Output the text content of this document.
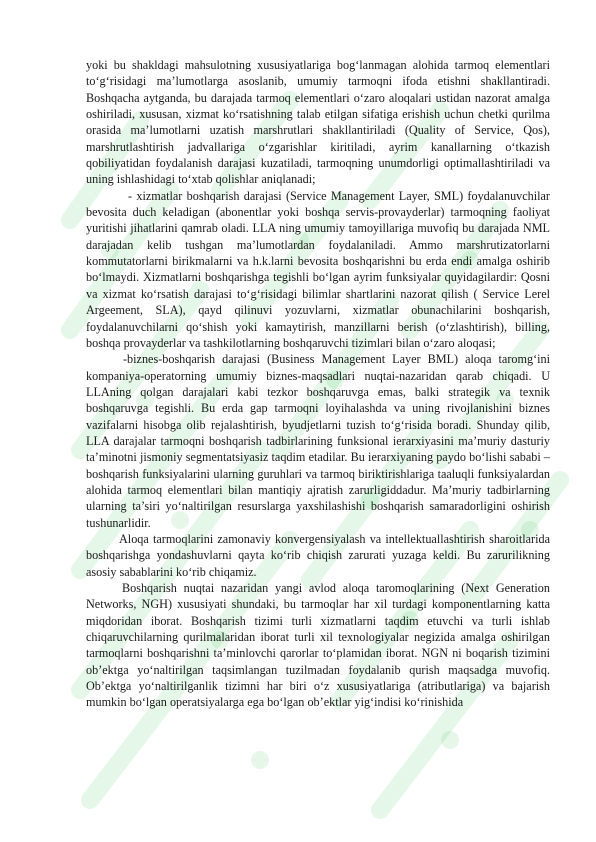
yoki bu shakldagi mahsulotning xususiyatlariga bog‘lanmagan alohida tarmoq elementlari to‘g‘risidagi ma’lumotlarga asoslanib, umumiy tarmoqni ifoda etishni shakllantiradi. Boshqacha aytganda, bu darajada tarmoq elementlari o‘zaro aloqalari ustidan nazorat amalga oshiriladi, xususan, xizmat ko‘rsatishning talab etilgan sifatiga erishish uchun chetki qurilma orasida ma’lumotlarni uzatish marshrutlari shakllantiriladi (Quality of Service, Qos), marshrutlashtirish jadvallariga o‘zgarishlar kiritiladi, ayrim kanallarning o‘tkazish qobiliyatidan foydalanish darajasi kuzatiladi, tarmoqning unumdorligi optimallashtiriladi va uning ishlashidagi to‘xtab qolishlar aniqlanadi;

- xizmatlar boshqarish darajasi (Service Management Layer, SML) foydalanuvchilar bevosita duch keladigan (abonentlar yoki boshqa servis-provayderlar) tarmoqning faoliyat yuritishi jihatlarini qamrab oladi. LLA ning umumiy tamoyillariga muvofiq bu darajada NML darajadan kelib tushgan ma’lumotlardan foydalaniladi. Ammo marshrutizatorlarni kommutatorlarni birikmalarni va h.k.larni bevosita boshqarishni bu erda endi amalga oshirib bo‘lmaydi. Xizmatlarni boshqarishga tegishli bo‘lgan ayrim funksiyalar quyidagilardir: Qosni va xizmat ko‘rsatish darajasi to‘g‘risidagi bilimlar shartlarini nazorat qilish ( Service Lerel Argeement, SLA), qayd qilinuvi yozuvlarni, xizmatlar obunachilarini boshqarish, foydalanuvchilarni qo‘shish yoki kamaytirish, manzillarni berish (o‘zlashtirish), billing, boshqa provayderlar va tashkilotlarning boshqaruvchi tizimlari bilan o‘zaro aloqasi;

-biznes-boshqarish darajasi (Business Management Layer BML) aloqa taromg‘ini kompaniya-operatorning umumiy biznes-maqsadlari nuqtai-nazaridan qarab chiqadi. U LLAning qolgan darajalari kabi tezkor boshqaruvga emas, balki strategik va texnik boshqaruvga tegishli. Bu erda gap tarmoqni loyihalashda va uning rivojlanishini biznes vazifalarni hisobga olib rejalashtirish, byudjetlarni tuzish to‘g‘risida boradi. Shunday qilib, LLA darajalar tarmoqni boshqarish tadbirlarining funksional ierarxiyasini ma’muriy dasturiy ta’minotni jismoniy segmentatsiyasiz taqdim etadilar. Bu ierarxiyaning paydo bo‘lishi sababi – boshqarish funksiyalarini ularning guruhlari va tarmoq biriktirishlariga taaluqli funksiyalardan alohida tarmoq elementlari bilan mantiqiy ajratish zarurligiddadur. Ma’muriy tadbirlarning ularning ta’siri yo‘naltirilgan resurslarga yaxshilashishi boshqarish samaradorligini oshirish tushunarlidir.

Aloqa tarmoqlarini zamonaviy konvergensiyalash va intellektuallashtirish sharoitlarida boshqarishga yondashuvlarni qayta ko‘rib chiqish zarurati yuzaga keldi. Bu zarurilikning asosiy sabablarini ko‘rib chiqamiz.

Boshqarish nuqtai nazaridan yangi avlod aloqa taromoqlarining (Next Generation Networks, NGH) xususiyati shundaki, bu tarmoqlar har xil turdagi komponentlarning katta miqdoridan iborat. Boshqarish tizimi turli xizmatlarni taqdim etuvchi va turli ishlab chiqaruvchilarning qurilmalaridan iborat turli xil texnologiyalar negizida amalga oshirilgan tarmoqlarni boshqarishni ta’minlovchi qarorlar to‘plamidan iborat. NGN ni boqarish tizimini ob’ektga yo‘naltirilgan taqsimlangan tuzilmadan foydalanib qurish maqsadga muvofiq. Ob’ektga yo‘naltirilganlik tizimni har biri o‘z xususiyatlariga (atributlariga) va bajarish mumkin bo‘lgan operatsiyalarga ega bo‘lgan ob’ektlar yig‘indisi ko‘rinishida
